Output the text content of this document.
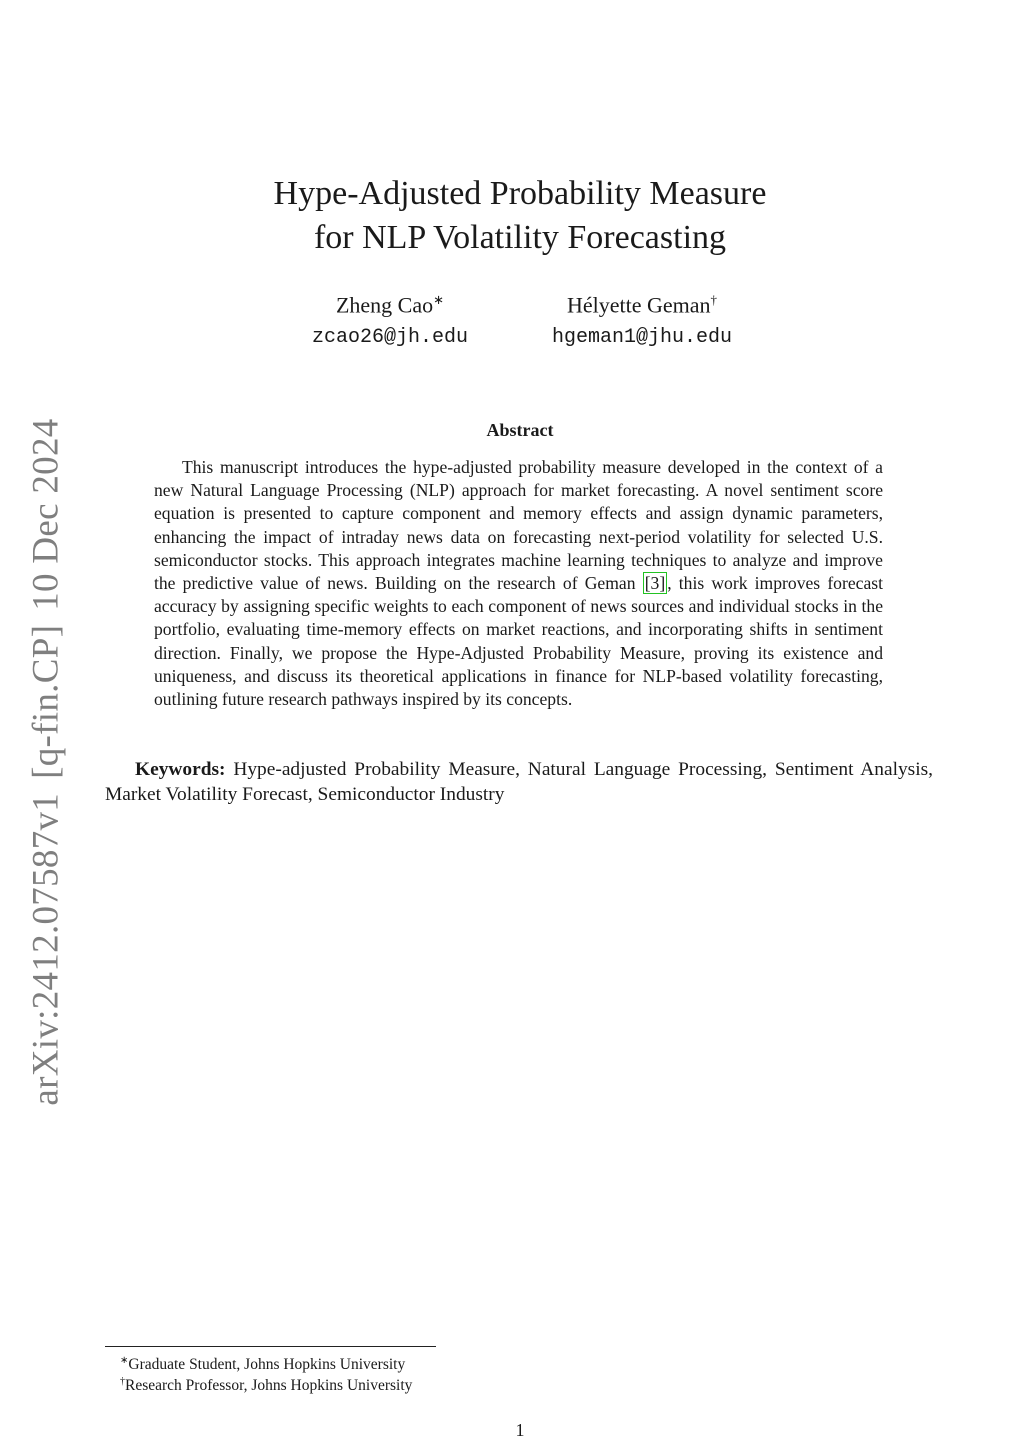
arXiv:2412.07587v1[q-fin.CP]10 Dec 2024
Hype-Adjusted Probability Measure
for NLP Volatility Forecasting
Zheng Cao∗
zcao26@jh.edu
Hélyette Geman†
hgeman1@jhu.edu
Abstract

This manuscript introduces the hype-adjusted probability measure developed in the context of a new Natural Language Processing (NLP) approach for market forecasting. A novel sentiment score equation is presented to capture component and memory effects and assign dynamic parameters, enhancing the impact of intraday news data on forecasting next-period volatility for selected U.S. semiconductor stocks. This approach integrates machine learning techniques to analyze and improve the predictive value of news. Building on the research of Geman [3] , this work improves forecast accuracy by assigning specific weights to each component of news sources and individual stocks in the portfolio, evaluating time-memory effects on market reactions, and incorporating shifts in sentiment direction. Finally, we propose the Hype-Adjusted Probability Measure, proving its existence and uniqueness, and discuss its theoretical applications in finance for NLP-based volatility forecasting, outlining future research pathways inspired by its concepts.

Keywords: Hype-adjusted Probability Measure, Natural Language Processing, Sentiment Analysis, Market Volatility Forecast, Semiconductor Industry

∗Graduate Student, Johns Hopkins University
†Research Professor, Johns Hopkins University
1
